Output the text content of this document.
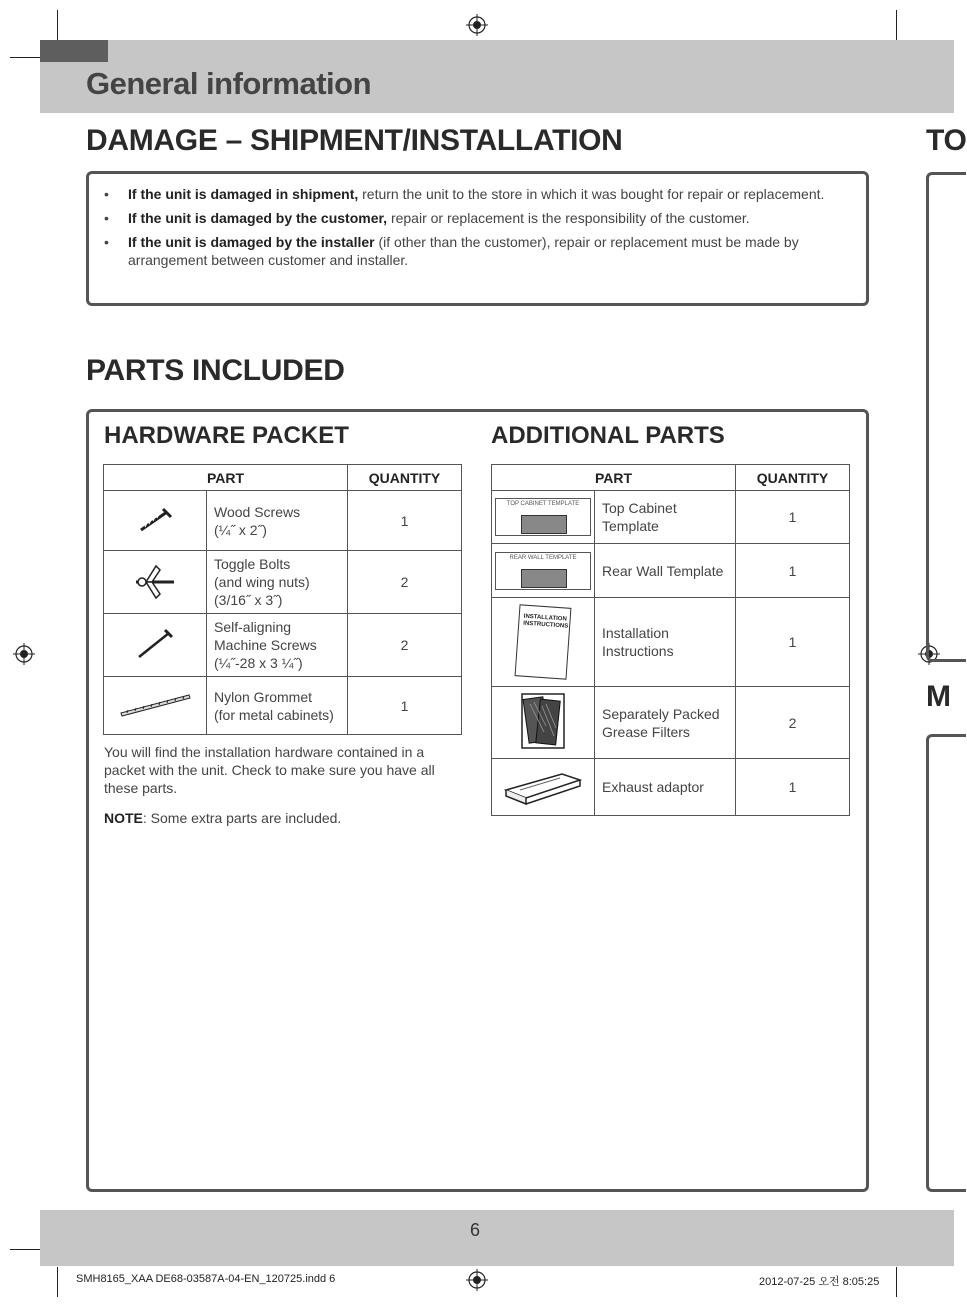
General information
TO
M
DAMAGE – SHIPMENT/INSTALLATION
• If the unit is damaged in shipment, return the unit to the store in which it was bought for repair or replacement.
• If the unit is damaged by the customer, repair or replacement is the responsibility of the customer.
• If the unit is damaged by the installer (if other than the customer), repair or replacement must be made by arrangement between customer and installer.
PARTS INCLUDED
HARDWARE PACKET	ADDITIONAL PARTS
PART		QUANTITY

Wood Screws
(¼˝ x 2˝)	1

Toggle Bolts
(and wing nuts)
(3/16˝ x 3˝)	2

Self-aligning
Machine Screws
(¼˝-28 x 3 ¼˝)	2

Nylon Grommet
(for metal cabinets)	1
You will find the installation hardware contained in a packet with the unit. Check to make sure you have all these parts.
NOTE: Some extra parts are included.
PART		QUANTITY

TOP CABINET TEMPLATE	Top Cabinet
Template	1

REAR WALL TEMPLATE	Rear Wall Template	1

INSTALLATION INSTRUCTIONS	Installation
Instructions	1

Separately Packed
Grease Filters	2

Exhaust adaptor	1
6
SMH8165_XAA DE68-03587A-04-EN_120725.indd 6	2012-07-25 오전 8:05:25
